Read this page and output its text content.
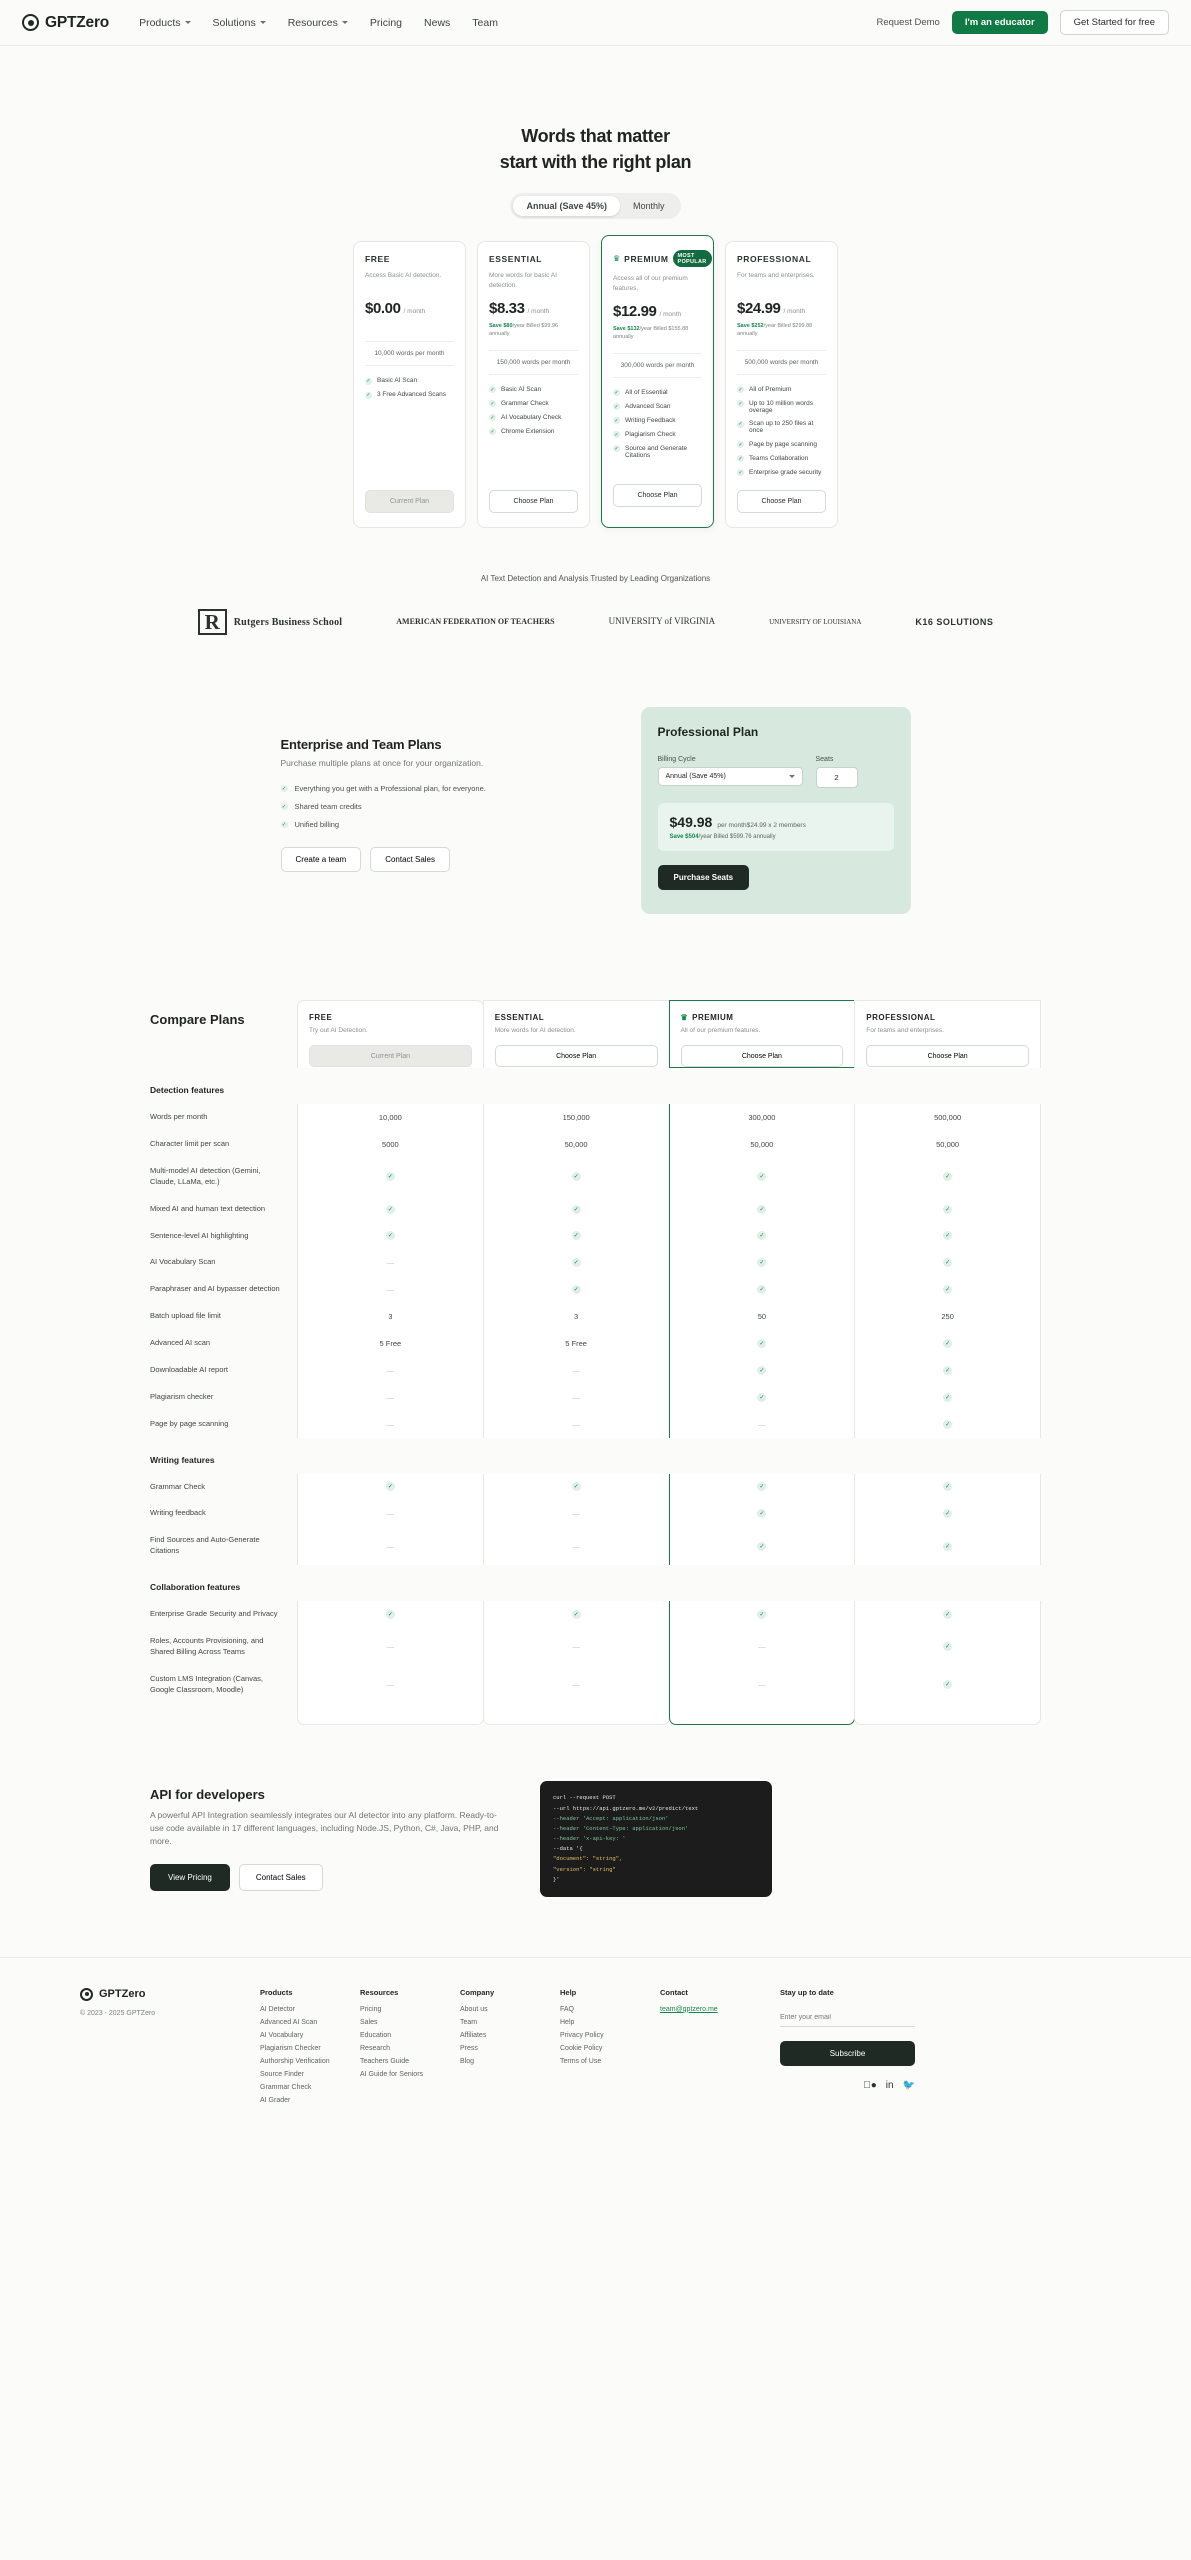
GPTZero	Products	Solutions	Resources	Pricing News Team	Request Demo	I'm an educator	Get Started for free
Words that matter
start with the right plan
Annual (Save 45%)	Monthly
FREE
Access Basic AI detection.
$0.00 / month
10,000 words per month
✓ Basic AI Scan
✓ 3 Free Advanced Scans
Current Plan
ESSENTIAL
More words for basic AI detection.
$8.33 / month
Save $80/year Billed $99.96 annually
150,000 words per month
✓ Basic AI Scan
✓ Grammar Check
✓ AI Vocabulary Check
✓ Chrome Extension
Choose Plan
♛ PREMIUM	MOST POPULAR
Access all of our premium features.
$12.99 / month
Save $132/year Billed $155.88 annually
300,000 words per month
✓ All of Essential
✓ Advanced Scan
✓ Writing Feedback
✓ Plagiarism Check
✓ Source and Generate Citations
Choose Plan
PROFESSIONAL
For teams and enterprises.
$24.99 / month
Save $252/year Billed $299.88 annually
500,000 words per month
✓ All of Premium
✓ Up to 10 million words overage
✓ Scan up to 250 files at once
✓ Page by page scanning
✓ Teams Collaboration
✓ Enterprise grade security
Choose Plan
AI Text Detection and Analysis Trusted by Leading Organizations
R	Rutgers Business School	AMERICAN FEDERATION OF TEACHERS	UNIVERSITY of VIRGINIA	UNIVERSITY OF LOUISIANA	K16 SOLUTIONS
Enterprise and Team Plans

Purchase multiple plans at once for your organization.

✓ Everything you get with a Professional plan, for everyone.
✓ Shared team credits
✓ Unified billing
Create a team	Contact Sales
Professional Plan
Billing Cycle
Annual (Save 45%)
Seats
2
$49.98 per month$24.99 x 2 members
Save $504/year Billed $599.76 annually
Purchase Seats
Compare Plans	FREE
Try out AI Detection.
Current Plan
ESSENTIAL
More words for AI detection.
Choose Plan
♛ PREMIUM
All of our premium features.
Choose Plan
PROFESSIONAL
For teams and enterprises.
Choose Plan
Detection features
Words per month	10,000	150,000	300,000	500,000
Character limit per scan	5000	50,000	50,000	50,000
Multi-model AI detection (Gemini, Claude, LLaMa, etc.)	✓	✓	✓	✓
Mixed AI and human text detection	✓	✓	✓	✓
Sentence-level AI highlighting	✓	✓	✓	✓
AI Vocabulary Scan	—	✓	✓	✓
Paraphraser and AI bypasser detection	—	✓	✓	✓
Batch upload file limit	3	3	50	250
Advanced AI scan	5 Free	5 Free	✓	✓
Downloadable AI report	—	—	✓	✓
Plagiarism checker	—	—	✓	✓
Page by page scanning	—	—	—	✓
Writing features
Grammar Check	✓	✓	✓	✓
Writing feedback	—	—	✓	✓
Find Sources and Auto-Generate Citations	—	—	✓	✓
Collaboration features
Enterprise Grade Security and Privacy	✓	✓	✓	✓
Roles, Accounts Provisioning, and Shared Billing Across Teams	—	—	—	✓
Custom LMS Integration (Canvas, Google Classroom, Moodle)	—	—	—	✓
API for developers

A powerful API Integration seamlessly integrates our AI detector into any platform. Ready-to-use code available in 17 different languages, including Node.JS, Python, C#, Java, PHP, and more.

View Pricing	Contact Sales
curl --request POST
--url https://api.gptzero.me/v2/predict/text
--header 'Accept: application/json'
--header 'Content-Type: application/json'
--header 'x-api-key: '
--data '{
"document": "string",
"version": "string"
}'
GPTZero
© 2023 - 2025 GPTZero
Products
AI Detector
Advanced AI Scan
AI Vocabulary
Plagiarism Checker
Authorship Verification
Source Finder
Grammar Check
AI Grader
Resources
Pricing
Sales
Education
Research
Teachers Guide
AI Guide for Seniors
Company
About us
Team
Affiliates
Press
Blog
Help
FAQ
Help
Privacy Policy
Cookie Policy
Terms of Use
Contact
team@gptzero.me
Stay up to date
Enter your email Subscribe
● in 🐦
